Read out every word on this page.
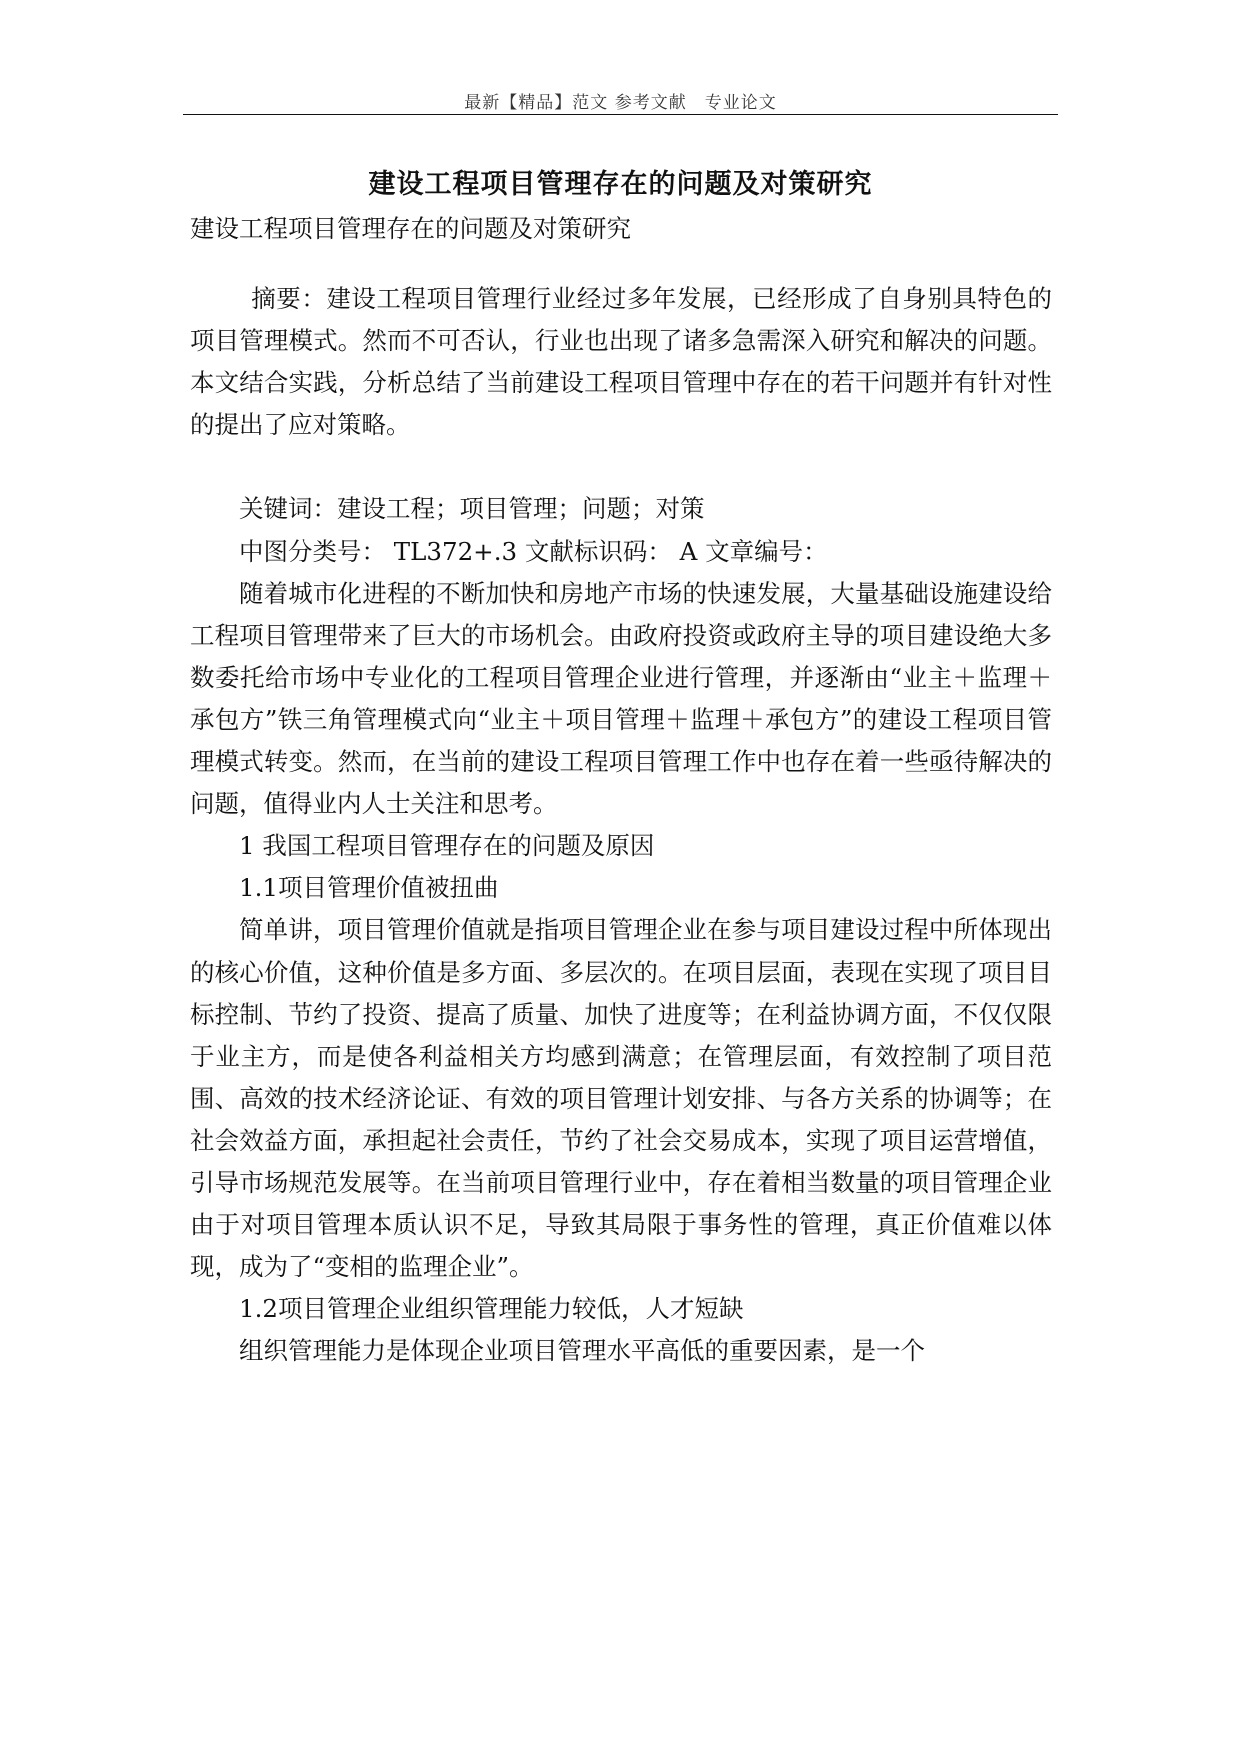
最新【精品】范文 参考文献　专业论文
建设工程项目管理存在的问题及对策研究

建设工程项目管理存在的问题及对策研究

摘要：建设工程项目管理行业经过多年发展，已经形成了自身别具特色的项目管理模式。然而不可否认，行业也出现了诸多急需深入研究和解决的问题。本文结合实践，分析总结了当前建设工程项目管理中存在的若干问题并有针对性的提出了应对策略。

关键词：建设工程；项目管理；问题；对策

中图分类号： TL372+.3 文献标识码： A 文章编号：

随着城市化进程的不断加快和房地产市场的快速发展，大量基础设施建设给工程项目管理带来了巨大的市场机会。由政府投资或政府主导的项目建设绝大多数委托给市场中专业化的工程项目管理企业进行管理，并逐渐由“业主＋监理＋承包方”铁三角管理模式向“业主＋项目管理＋监理＋承包方”的建设工程项目管理模式转变。然而，在当前的建设工程项目管理工作中也存在着一些亟待解决的问题，值得业内人士关注和思考。

1 我国工程项目管理存在的问题及原因

1.1项目管理价值被扭曲

简单讲，项目管理价值就是指项目管理企业在参与项目建设过程中所体现出的核心价值，这种价值是多方面、多层次的。在项目层面，表现在实现了项目目标控制、节约了投资、提高了质量、加快了进度等；在利益协调方面，不仅仅限于业主方，而是使各利益相关方均感到满意；在管理层面，有效控制了项目范围、高效的技术经济论证、有效的项目管理计划安排、与各方关系的协调等；在社会效益方面，承担起社会责任，节约了社会交易成本，实现了项目运营增值，引导市场规范发展等。在当前项目管理行业中，存在着相当数量的项目管理企业由于对项目管理本质认识不足，导致其局限于事务性的管理，真正价值难以体现，成为了“变相的监理企业”。

1.2项目管理企业组织管理能力较低，人才短缺

组织管理能力是体现企业项目管理水平高低的重要因素，是一个
